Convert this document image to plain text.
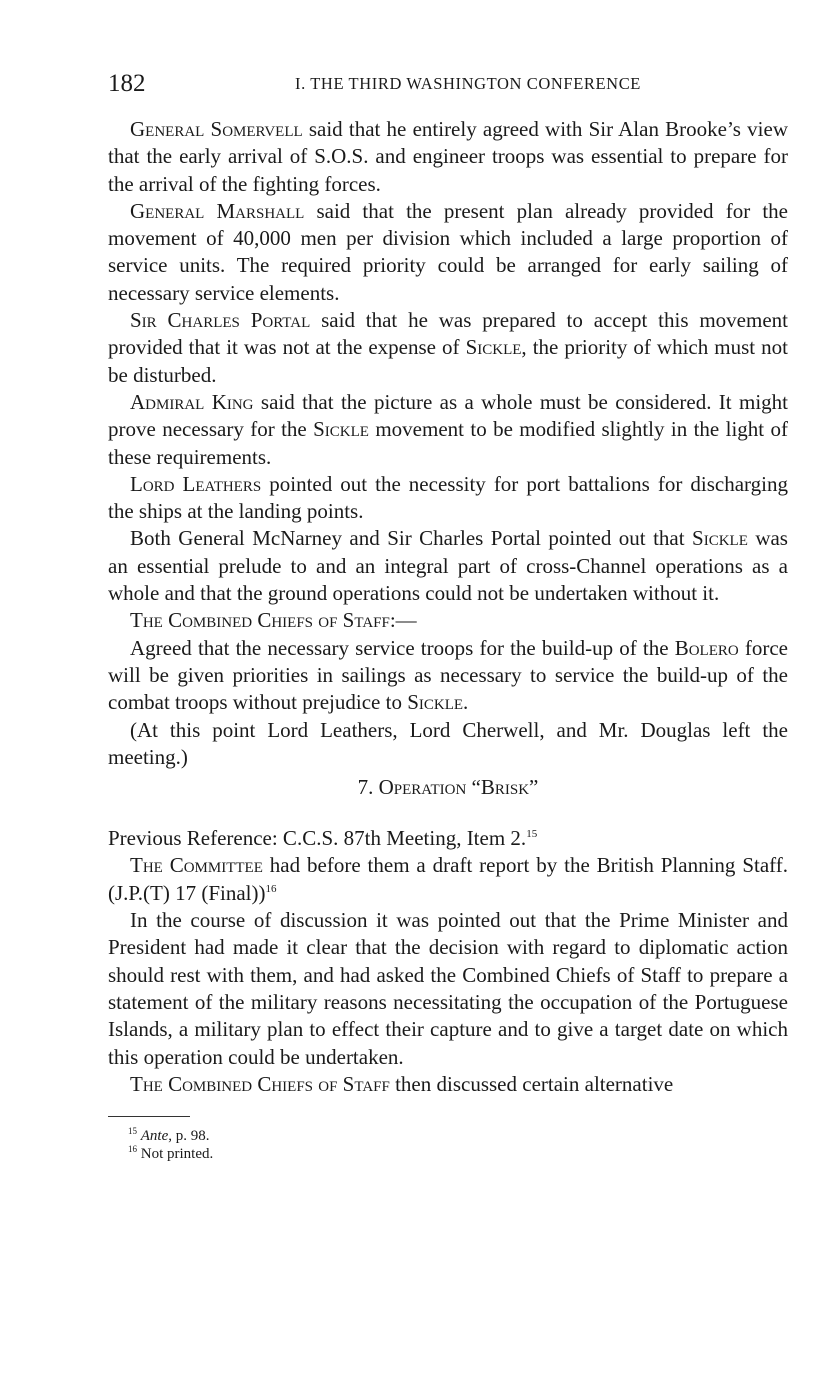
182	I. THE THIRD WASHINGTON CONFERENCE

General Somervell said that he entirely agreed with Sir Alan Brooke’s view that the early arrival of S.O.S. and engineer troops was essential to prepare for the arrival of the fighting forces.

General Marshall said that the present plan already provided for the movement of 40,000 men per division which included a large proportion of service units. The required priority could be arranged for early sailing of necessary service elements.

Sir Charles Portal said that he was prepared to accept this movement provided that it was not at the expense of Sickle, the priority of which must not be disturbed.

Admiral King said that the picture as a whole must be considered. It might prove necessary for the Sickle movement to be modified slightly in the light of these requirements.

Lord Leathers pointed out the necessity for port battalions for discharging the ships at the landing points.

Both General McNarney and Sir Charles Portal pointed out that Sickle was an essential prelude to and an integral part of cross-Channel operations as a whole and that the ground operations could not be undertaken without it.

The Combined Chiefs of Staff:—

Agreed that the necessary service troops for the build-up of the Bolero force will be given priorities in sailings as necessary to service the build-up of the combat troops without prejudice to Sickle.

(At this point Lord Leathers, Lord Cherwell, and Mr. Douglas left the meeting.)

7. Operation “Brisk”

Previous Reference: C.C.S. 87th Meeting, Item 2.15

The Committee had before them a draft report by the British Planning Staff. (J.P.(T) 17 (Final))$^{16}$

In the course of discussion it was pointed out that the Prime Minister and President had made it clear that the decision with regard to diplomatic action should rest with them, and had asked the Combined Chiefs of Staff to prepare a statement of the military reasons necessitating the occupation of the Portuguese Islands, a military plan to effect their capture and to give a target date on which this operation could be undertaken.

The Combined Chiefs of Staff then discussed certain alternative

$^{15}$ Ante, p. 98.
$^{16}$ Not printed.
